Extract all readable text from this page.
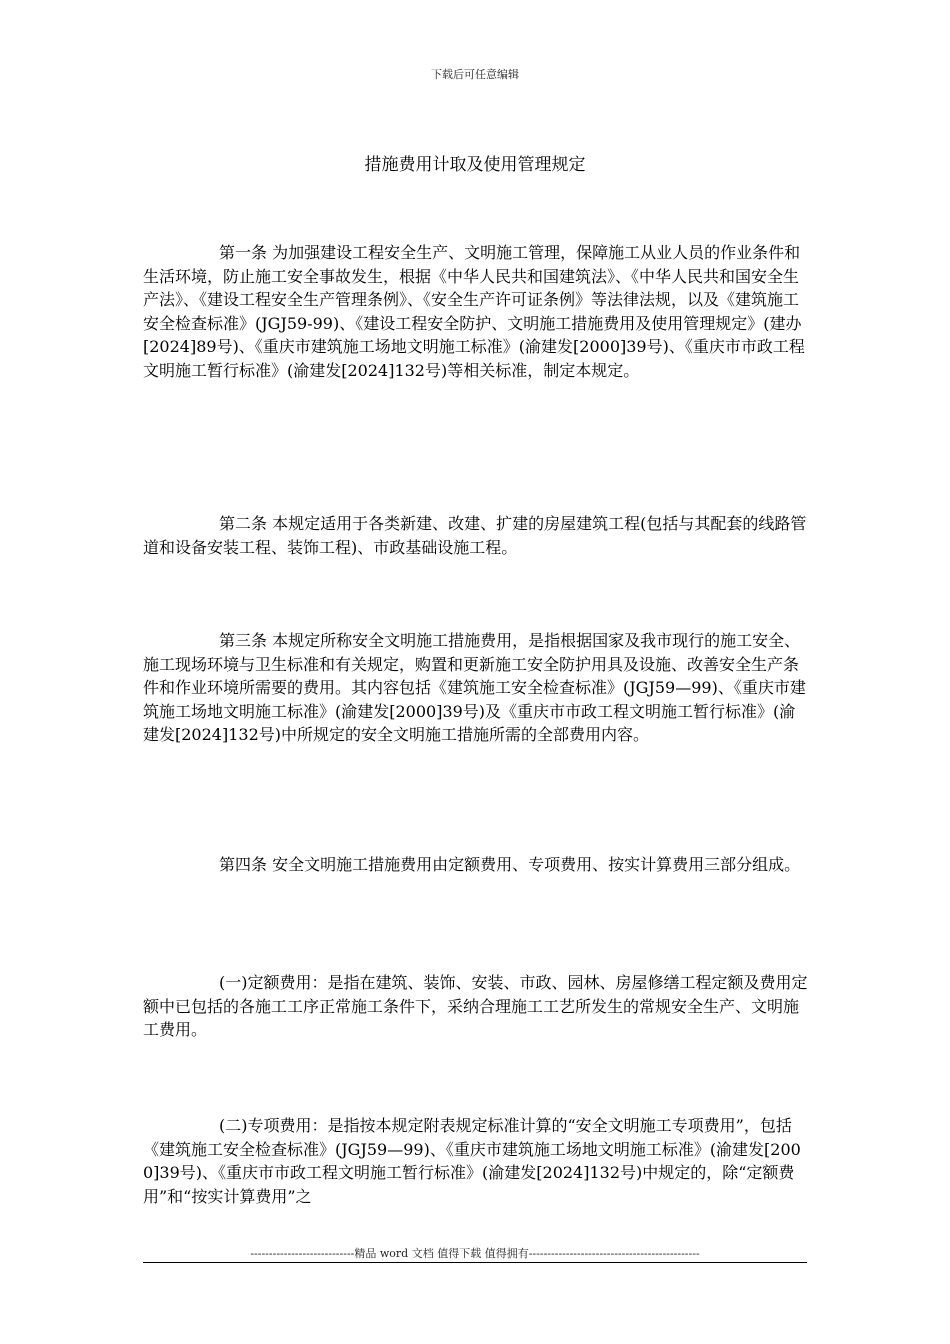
下载后可任意编辑
措施费用计取及使用管理规定

第一条 为加强建设工程安全生产、文明施工管理，保障施工从业人员的作业条件和生活环境，防止施工安全事故发生，根据《中华人民共和国建筑法》、《中华人民共和国安全生产法》、《建设工程安全生产管理条例》、《安全生产许可证条例》等法律法规，以及《建筑施工安全检查标准》(JGJ59-99)、《建设工程安全防护、文明施工措施费用及使用管理规定》(建办[2024]89号)、《重庆市建筑施工场地文明施工标准》(渝建发[2000]39号)、《重庆市市政工程文明施工暂行标准》(渝建发[2024]132号)等相关标准，制定本规定。

第二条 本规定适用于各类新建、改建、扩建的房屋建筑工程(包括与其配套的线路管道和设备安装工程、装饰工程)、市政基础设施工程。

第三条 本规定所称安全文明施工措施费用，是指根据国家及我市现行的施工安全、施工现场环境与卫生标准和有关规定，购置和更新施工安全防护用具及设施、改善安全生产条件和作业环境所需要的费用。其内容包括《建筑施工安全检查标准》(JGJ59—99)、《重庆市建筑施工场地文明施工标准》(渝建发[2000]39号)及《重庆市市政工程文明施工暂行标准》(渝建发[2024]132号)中所规定的安全文明施工措施所需的全部费用内容。

第四条 安全文明施工措施费用由定额费用、专项费用、按实计算费用三部分组成。

(一)定额费用：是指在建筑、装饰、安装、市政、园林、房屋修缮工程定额及费用定额中已包括的各施工工序正常施工条件下，采纳合理施工工艺所发生的常规安全生产、文明施工费用。

(二)专项费用：是指按本规定附表规定标准计算的“安全文明施工专项费用”，包括《建筑施工安全检查标准》(JGJ59—99)、《重庆市建筑施工场地文明施工标准》(渝建发[2000]39号)、《重庆市市政工程文明施工暂行标准》(渝建发[2024]132号)中规定的，除“定额费用”和“按实计算费用”之

----------------------------精品 word 文档 值得下载 值得拥有----------------------------------------------
